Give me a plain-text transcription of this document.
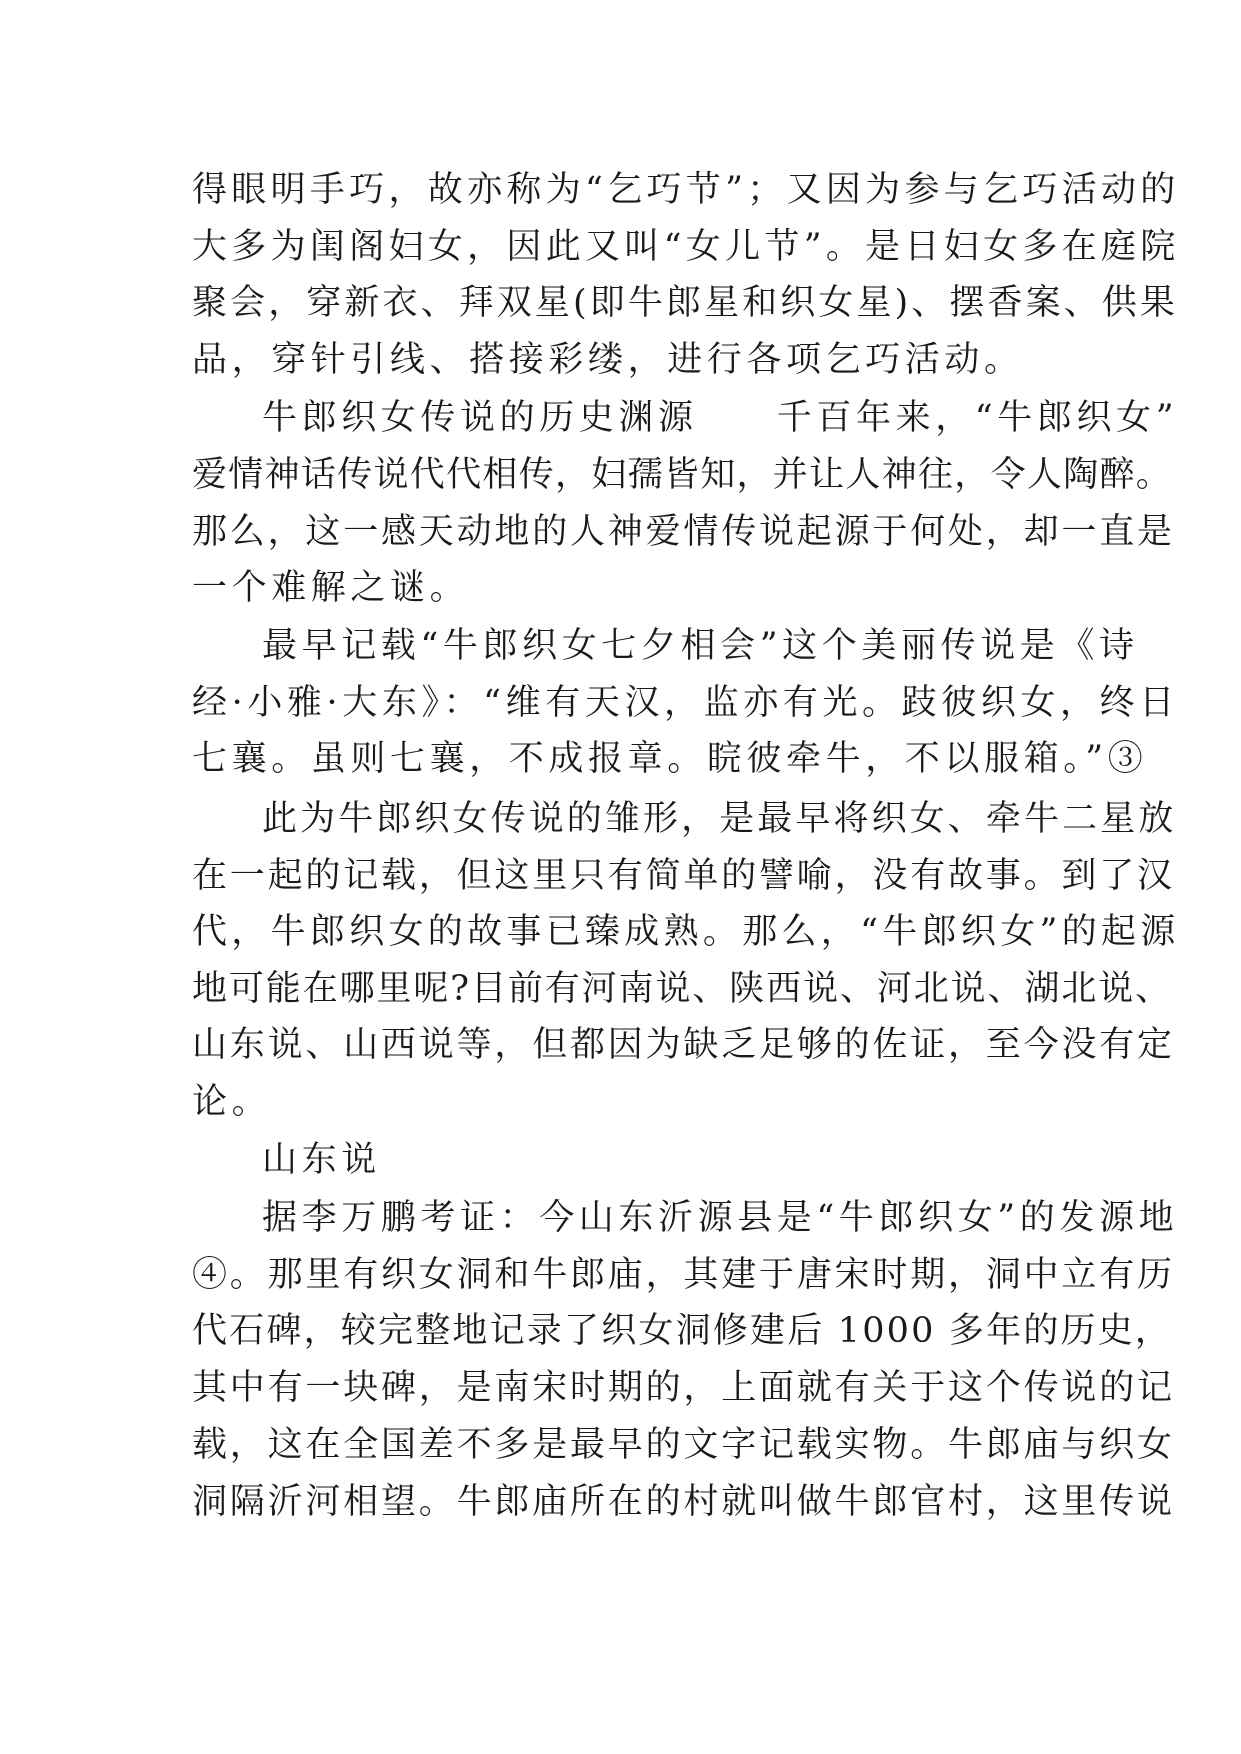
得眼明手巧，故亦称为“乞巧节”；又因为参与乞巧活动的
大多为闺阁妇女，因此又叫“女儿节”。是日妇女多在庭院
聚会，穿新衣、拜双星(即牛郎星和织女星)、摆香案、供果
品，穿针引线、搭接彩缕，进行各项乞巧活动。
牛郎织女传说的历史渊源　　千百年来，“牛郎织女”
爱情神话传说代代相传，妇孺皆知，并让人神往，令人陶醉。
那么，这一感天动地的人神爱情传说起源于何处，却一直是
一个难解之谜。
最早记载“牛郎织女七夕相会”这个美丽传说是《诗
经·小雅·大东》：“维有天汉，监亦有光。跂彼织女，终日
七襄。虽则七襄，不成报章。睆彼牵牛，不以服箱。”③
此为牛郎织女传说的雏形，是最早将织女、牵牛二星放
在一起的记载，但这里只有简单的譬喻，没有故事。到了汉
代，牛郎织女的故事已臻成熟。那么，“牛郎织女”的起源
地可能在哪里呢?目前有河南说、陕西说、河北说、湖北说、
山东说、山西说等，但都因为缺乏足够的佐证，至今没有定
论。
山东说
据李万鹏考证：今山东沂源县是“牛郎织女”的发源地
④。那里有织女洞和牛郎庙，其建于唐宋时期，洞中立有历
代石碑，较完整地记录了织女洞修建后 1000 多年的历史，
其中有一块碑，是南宋时期的，上面就有关于这个传说的记
载，这在全国差不多是最早的文字记载实物。牛郎庙与织女
洞隔沂河相望。牛郎庙所在的村就叫做牛郎官村，这里传说
